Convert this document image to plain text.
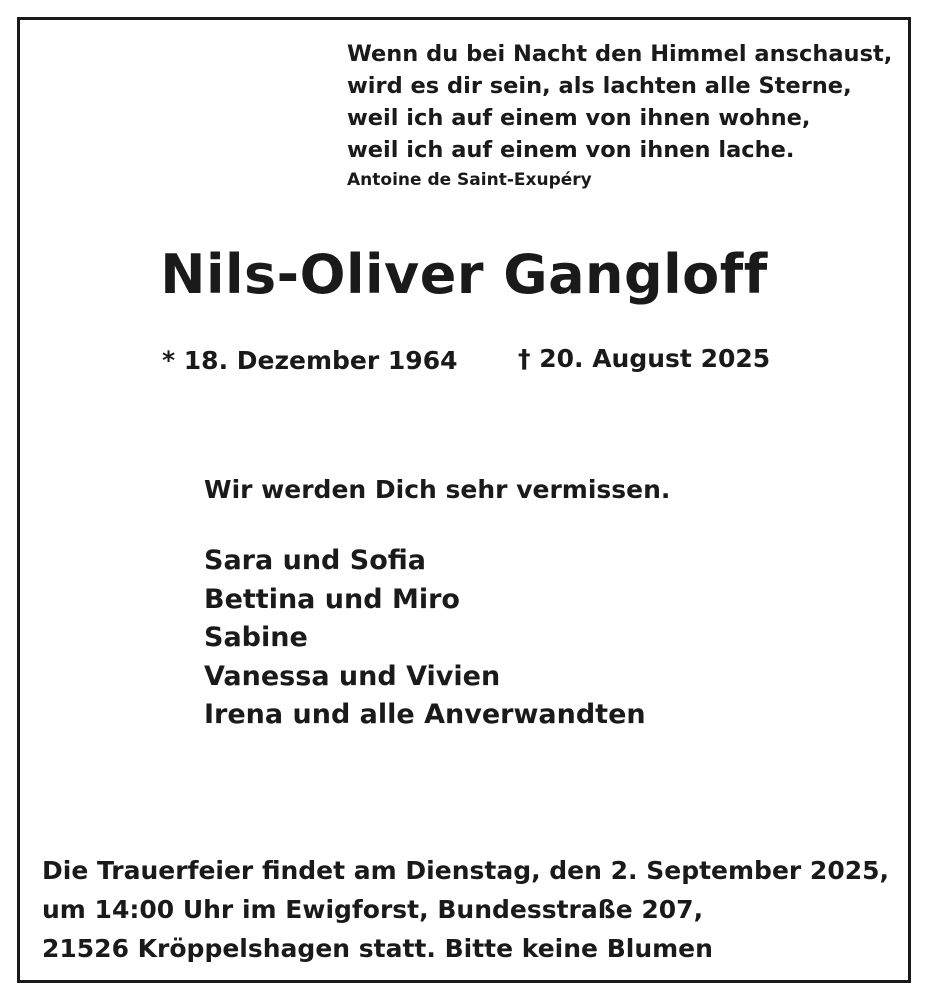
Wenn du bei Nacht den Himmel anschaust,
wird es dir sein, als lachten alle Sterne,
weil ich auf einem von ihnen wohne,
weil ich auf einem von ihnen lache.
Antoine de Saint-Exupéry
Nils-Oliver Gangloff
* 18. Dezember 1964 † 20. August 2025
Wir werden Dich sehr vermissen.
Sara und Sofia
Bettina und Miro
Sabine
Vanessa und Vivien
Irena und alle Anverwandten
Die Trauerfeier findet am Dienstag, den 2. September 2025,
um 14:00 Uhr im Ewigforst, Bundesstraße 207,
21526 Kröppelshagen statt. Bitte keine Blumen
